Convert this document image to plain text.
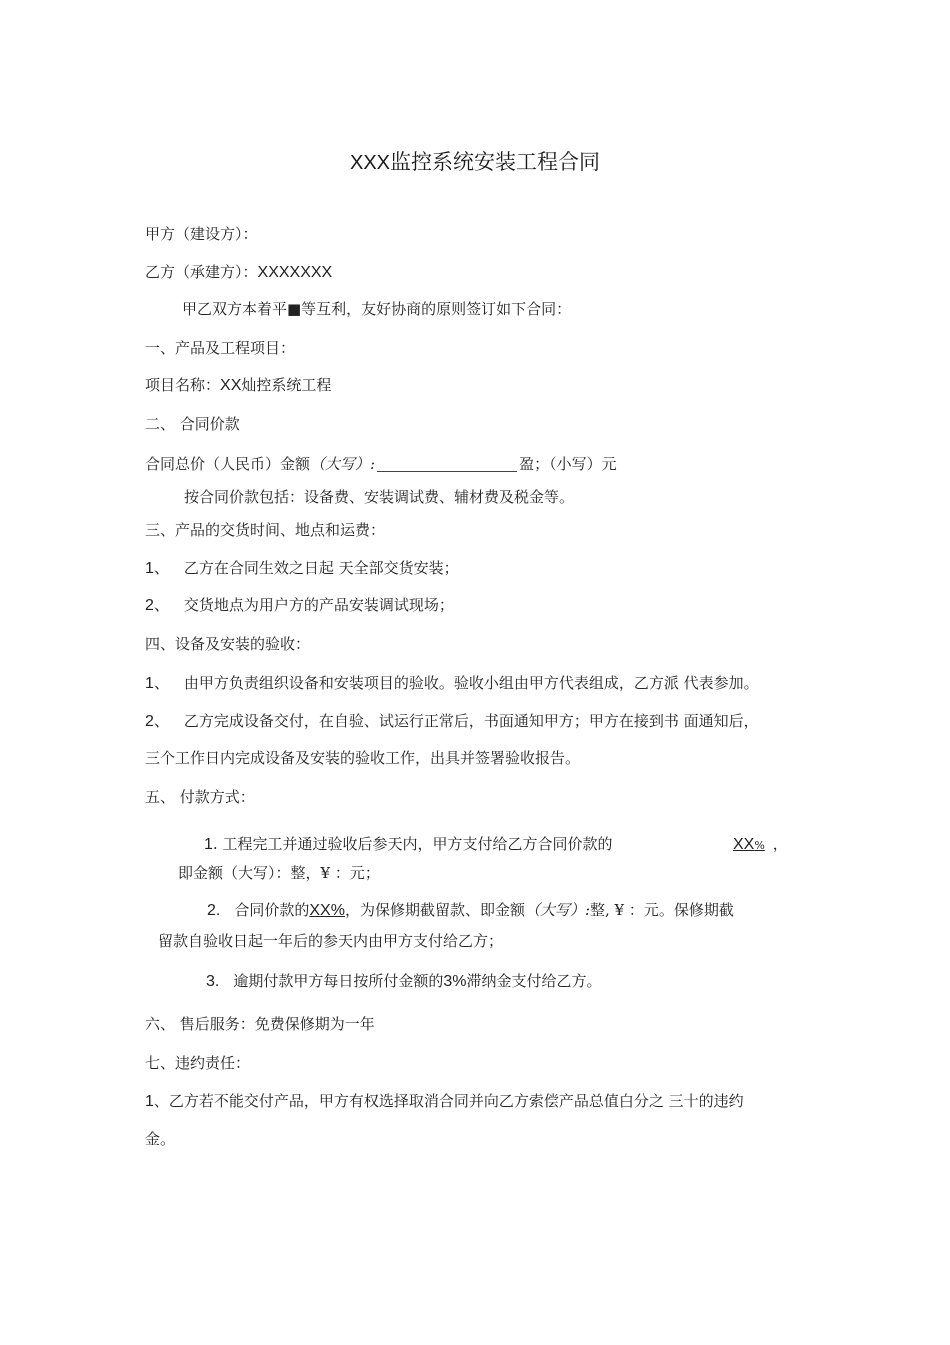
XXX监控系统安装工程合同
甲方（建设方）：
乙方（承建方）：XXXXXXX
甲乙双方本着平■等互利，友好协商的原则签订如下合同：
一、产品及工程项目：
项目名称：XX灿控系统工程
二、 合同价款
合同总价（人民币）金额（大写）:	盈；（小写）元
按合同价款包括：设备费、安装调试费、辅材费及税金等。
三、产品的交货时间、地点和运费：
1、 乙方在合同生效之日起 天全部交货安装；
2、 交货地点为用户方的产品安装调试现场；
四、设备及安装的验收：
1、 由甲方负责组织设备和安装项目的验收。验收小组由甲方代表组成，乙方派 代表参加。
2、 乙方完成设备交付，在自验、试运行正常后，书面通知甲方；甲方在接到书 面通知后，
三个工作日内完成设备及安装的验收工作，出具并签署验收报告。
五、 付款方式：
1. 工程完工并通过验收后参天内，甲方支付给乙方合同价款的	XX% ，
即金额（大写）：整，¥ ：元；
2. 合同价款的XX%，为保修期截留款、即金额（大写）:整, ¥ ：元。保修期截
留款自验收日起一年后的参天内由甲方支付给乙方；
3. 逾期付款甲方每日按所付金额的3%滞纳金支付给乙方。
六、 售后服务：免费保修期为一年
七、违约责任：
1、乙方若不能交付产品，甲方有权选择取消合同并向乙方索偿产品总值白分之 三十的违约
金。
